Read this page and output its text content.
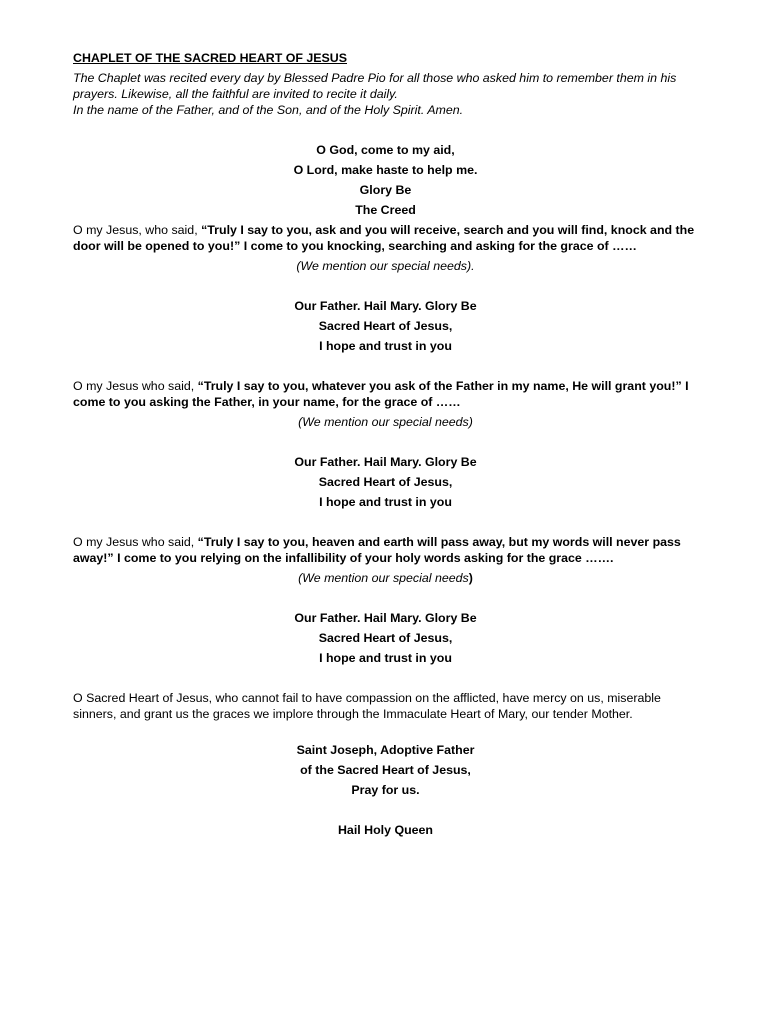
CHAPLET OF THE SACRED HEART OF JESUS

The Chaplet was recited every day by Blessed Padre Pio for all those who asked him to remember them in his prayers. Likewise, all the faithful are invited to recite it daily.

In the name of the Father, and of the Son, and of the Holy Spirit. Amen.

O God, come to my aid,
O Lord, make haste to help me.
Glory Be
The Creed

O my Jesus, who said, “Truly I say to you, ask and you will receive, search and you will find, knock and the door will be opened to you!” I come to you knocking, searching and asking for the grace of ……

(We mention our special needs).
Our Father. Hail Mary. Glory Be
Sacred Heart of Jesus,
I hope and trust in you

O my Jesus who said, “Truly I say to you, whatever you ask of the Father in my name, He will grant you!” I come to you asking the Father, in your name, for the grace of ……

(We mention our special needs)
Our Father. Hail Mary. Glory Be
Sacred Heart of Jesus,
I hope and trust in you

O my Jesus who said, “Truly I say to you, heaven and earth will pass away, but my words will never pass away!” I come to you relying on the infallibility of your holy words asking for the grace …….

(We mention our special needs)
Our Father. Hail Mary. Glory Be
Sacred Heart of Jesus,
I hope and trust in you

O Sacred Heart of Jesus, who cannot fail to have compassion on the afflicted, have mercy on us, miserable sinners, and grant us the graces we implore through the Immaculate Heart of Mary, our tender Mother.

Saint Joseph, Adoptive Father
of the Sacred Heart of Jesus,
Pray for us.
Hail Holy Queen
